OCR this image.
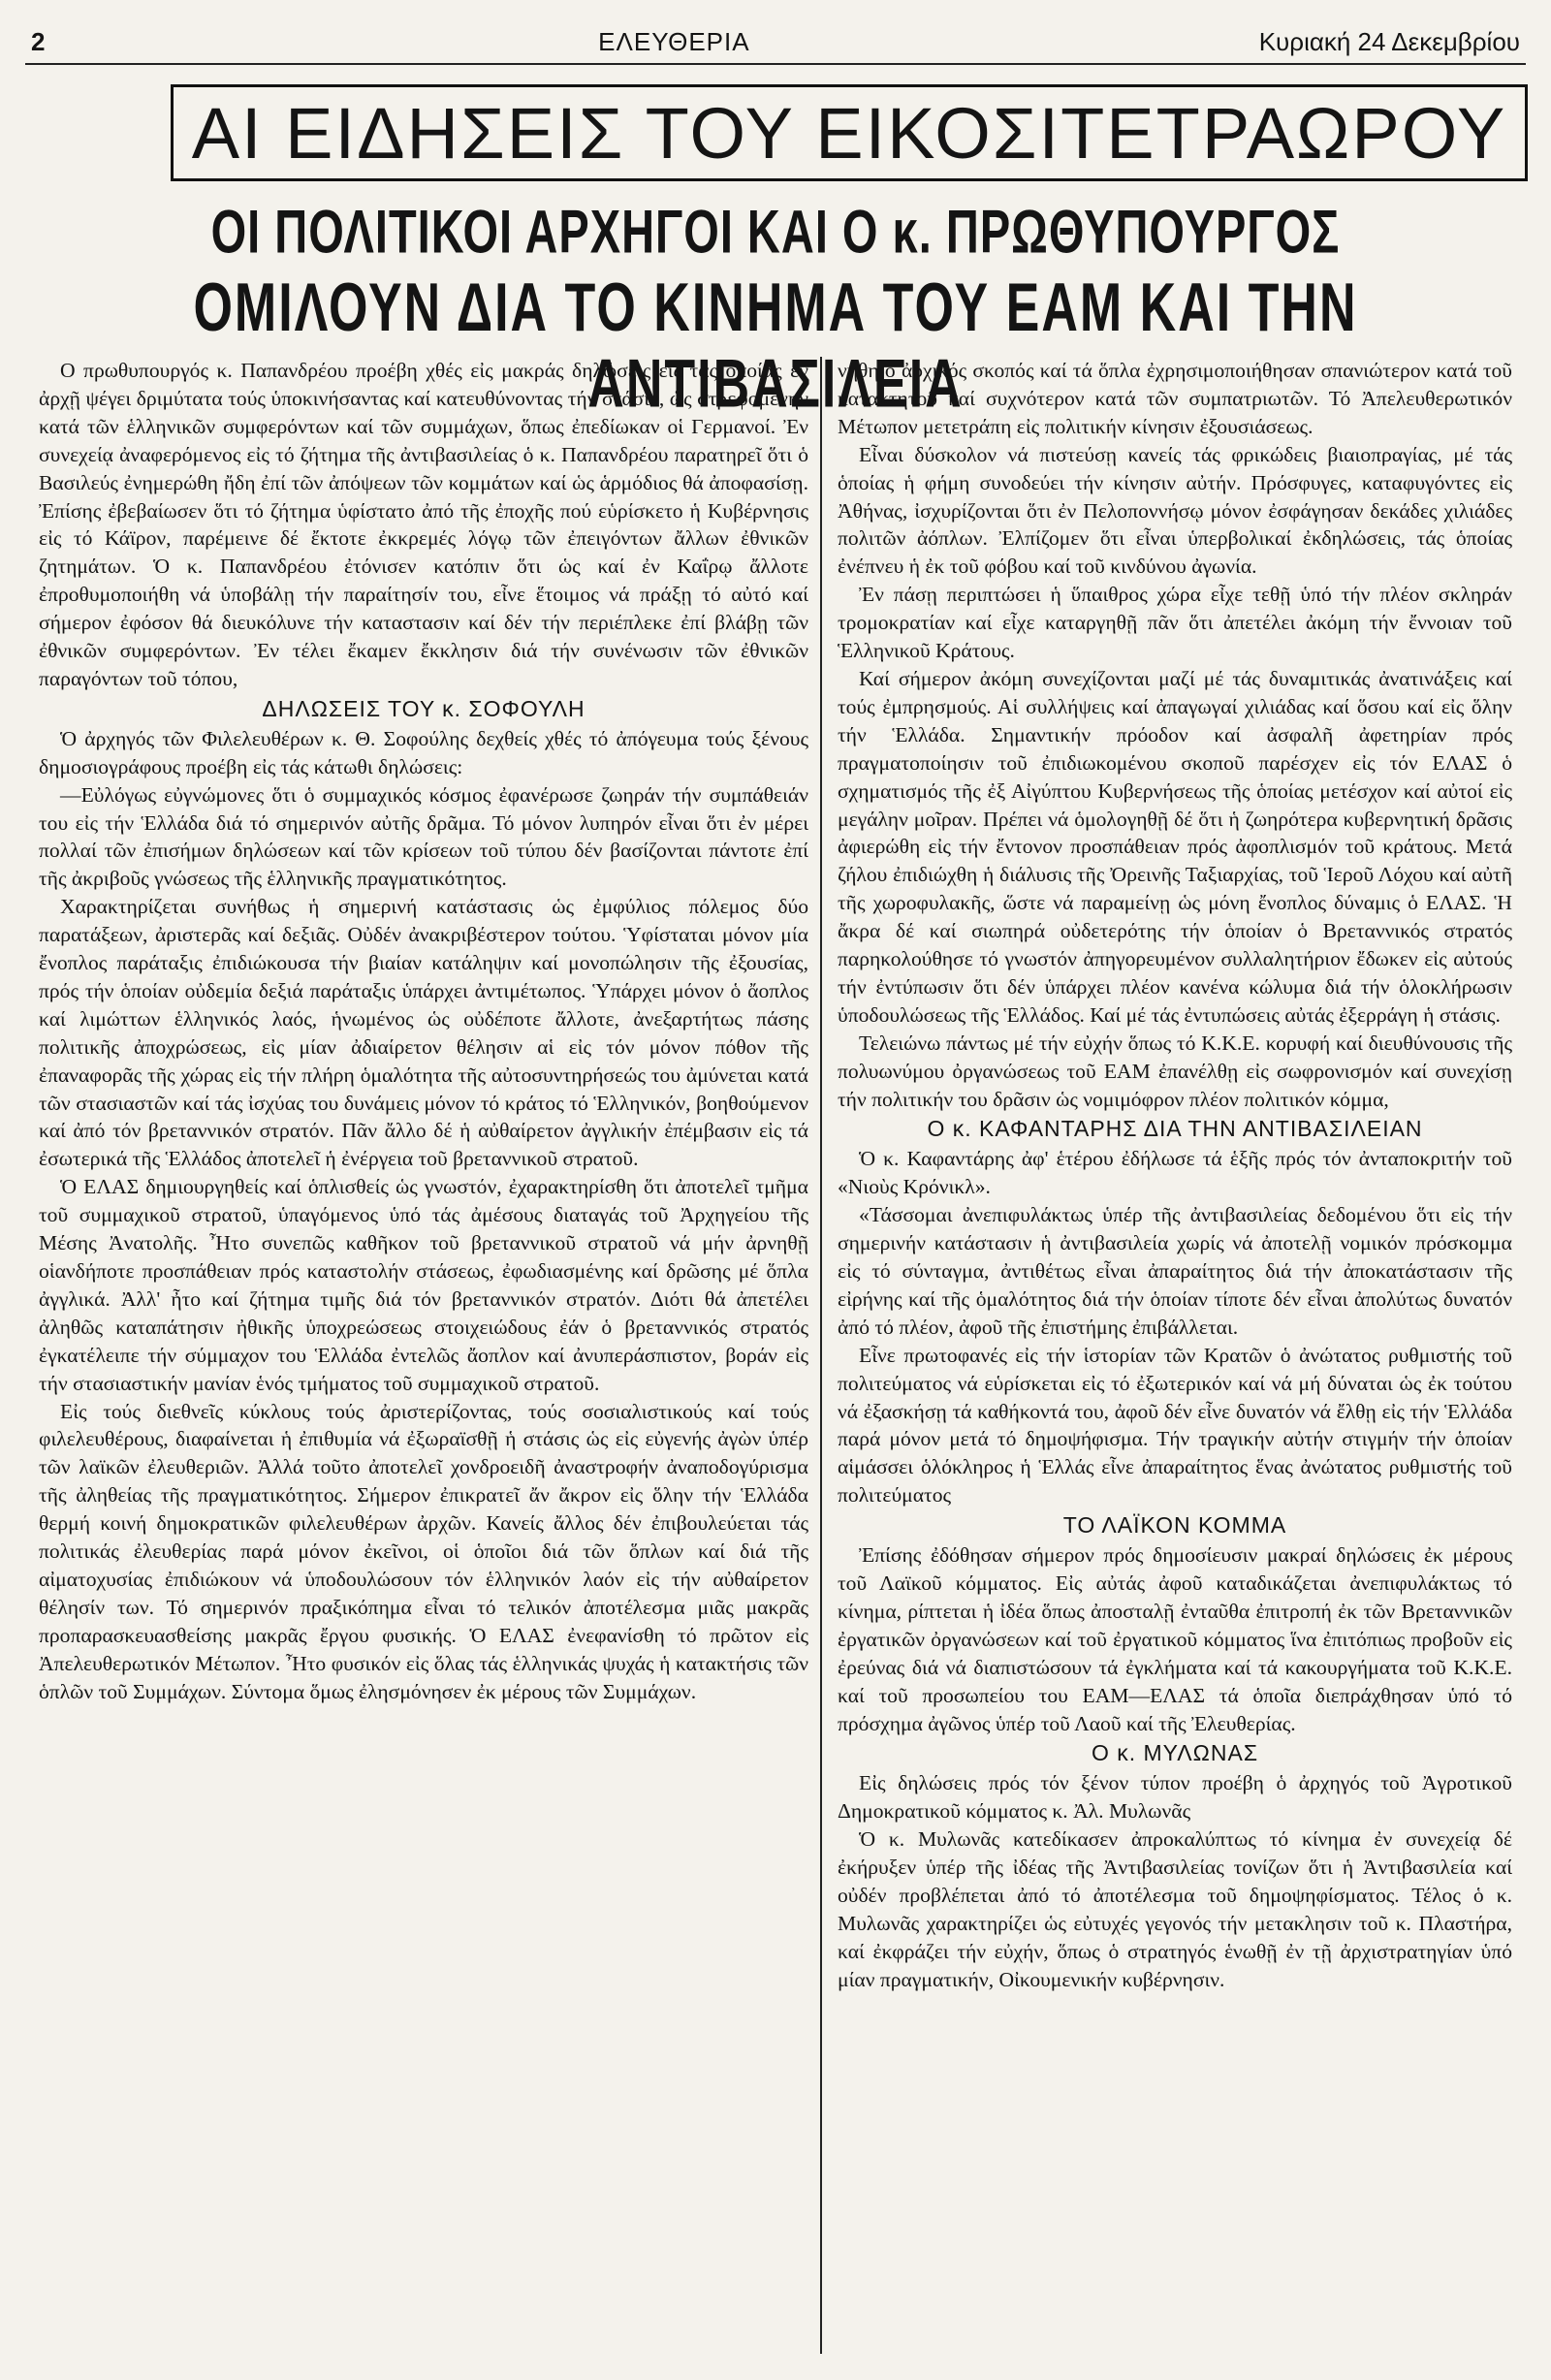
2	ΕΛΕΥΘΕΡΙΑ	Κυριακή 24 Δεκεμβρίου
ΑΙ ΕΙΔΗΣΕΙΣ ΤΟΥ ΕΙΚΟΣΙΤΕΤΡΑΩΡΟΥ
ΟΙ ΠΟΛΙΤΙΚΟΙ ΑΡΧΗΓΟΙ ΚΑΙ Ο κ. ΠΡΩΘΥΠΟΥΡΓΟΣ
ΟΜΙΛΟΥΝ ΔΙΑ ΤΟ ΚΙΝΗΜΑ ΤΟΥ ΕΑΜ ΚΑΙ ΤΗΝ ΑΝΤΙΒΑΣΙΛΕΙΑ

Ο πρωθυπουργός κ. Παπανδρέου προέβη χθές εἰς μακράς δηλώσεις εἰς τάς ὁποίας ἐν ἀρχῇ ψέγει δριμύτατα τούς ὑποκινήσαντας καί κατευθύνοντας τήν στάσιν, ὡς στρεφομένην κατά τῶν ἑλληνικῶν συμφερόντων καί τῶν συμμάχων, ὅπως ἐπεδίωκαν οἱ Γερμανοί. Ἐν συνεχείᾳ ἀναφερόμενος εἰς τό ζήτημα τῆς ἀντιβασιλείας ὁ κ. Παπανδρέου παρατηρεῖ ὅτι ὁ Βασιλεύς ἐνημερώθη ἤδη ἐπί τῶν ἀπόψεων τῶν κομμάτων καί ὡς ἁρμόδιος θά ἀποφασίσῃ. Ἐπίσης ἐβεβαίωσεν ὅτι τό ζήτημα ὑφίστατο ἀπό τῆς ἐποχῆς πού εὑρίσκετο ἡ Κυβέρνησις εἰς τό Κάϊρον, παρέμεινε δέ ἔκτοτε ἐκκρεμές λόγῳ τῶν ἐπειγόντων ἄλλων ἐθνικῶν ζητημάτων. Ὁ κ. Παπανδρέου ἐτόνισεν κατόπιν ὅτι ὡς καί ἐν Καΐρῳ ἄλλοτε ἐπροθυμοποιήθη νά ὑποβάλῃ τήν παραίτησίν του, εἶνε ἕτοιμος νά πράξῃ τό αὐτό καί σήμερον ἐφόσον θά διευκόλυνε τήν καταστασιν καί δέν τήν περιέπλεκε ἐπί βλάβῃ τῶν ἐθνικῶν συμφερόντων. Ἐν τέλει ἔκαμεν ἔκκλησιν διά τήν συνένωσιν τῶν ἐθνικῶν παραγόντων τοῦ τόπου,

ΔΗΛΩΣΕΙΣ ΤΟΥ κ. ΣΟΦΟΥΛΗ

Ὁ ἀρχηγός τῶν Φιλελευθέρων κ. Θ. Σοφούλης δεχθείς χθές τό ἀπόγευμα τούς ξένους δημοσιογράφους προέβη εἰς τάς κάτωθι δηλώσεις:

—Εὐλόγως εὐγνώμονες ὅτι ὁ συμμαχικός κόσμος ἐφανέρωσε ζωηράν τήν συμπάθειάν του εἰς τήν Ἑλλάδα διά τό σημερινόν αὐτῆς δρᾶμα. Τό μόνον λυπηρόν εἶναι ὅτι ἐν μέρει πολλαί τῶν ἐπισήμων δηλώσεων καί τῶν κρίσεων τοῦ τύπου δέν βασίζονται πάντοτε ἐπί τῆς ἀκριβοῦς γνώσεως τῆς ἑλληνικῆς πραγματικότητος.

Χαρακτηρίζεται συνήθως ἡ σημερινή κατάστασις ὡς ἐμφύλιος πόλεμος δύο παρατάξεων, ἀριστερᾶς καί δεξιᾶς. Οὐδέν ἀνακριβέστερον τούτου. Ὑφίσταται μόνον μία ἔνοπλος παράταξις ἐπιδιώκουσα τήν βιαίαν κατάληψιν καί μονοπώλησιν τῆς ἐξουσίας, πρός τήν ὁποίαν οὐδεμία δεξιά παράταξις ὑπάρχει ἀντιμέτωπος. Ὑπάρχει μόνον ὁ ἄοπλος καί λιμώττων ἑλληνικός λαός, ἡνωμένος ὡς οὐδέποτε ἄλλοτε, ἀνεξαρτήτως πάσης πολιτικῆς ἀποχρώσεως, εἰς μίαν ἀδιαίρετον θέλησιν αἱ εἰς τόν μόνον πόθον τῆς ἐπαναφορᾶς τῆς χώρας εἰς τήν πλήρη ὁμαλότητα τῆς αὐτοσυντηρήσεώς του ἀμύνεται κατά τῶν στασιαστῶν καί τάς ἰσχύας του δυνάμεις μόνον τό κράτος τό Ἑλληνικόν, βοηθούμενον καί ἀπό τόν βρεταννικόν στρατόν. Πᾶν ἄλλο δέ ἡ αὐθαίρετον ἀγγλικήν ἐπέμβασιν εἰς τά ἐσωτερικά τῆς Ἑλλάδος ἀποτελεῖ ἡ ἐνέργεια τοῦ βρεταννικοῦ στρατοῦ.

Ὁ ΕΛΑΣ δημιουργηθείς καί ὁπλισθείς ὡς γνωστόν, ἐχαρακτηρίσθη ὅτι ἀποτελεῖ τμῆμα τοῦ συμμαχικοῦ στρατοῦ, ὑπαγόμενος ὑπό τάς ἀμέσους διαταγάς τοῦ Ἀρχηγείου τῆς Μέσης Ἀνατολῆς. Ἦτο συνεπῶς καθῆκον τοῦ βρεταννικοῦ στρατοῦ νά μήν ἀρνηθῇ οἱανδήποτε προσπάθειαν πρός καταστολήν στάσεως, ἐφωδιασμένης καί δρῶσης μέ ὅπλα ἀγγλικά. Ἀλλ' ἦτο καί ζήτημα τιμῆς διά τόν βρεταννικόν στρατόν. Διότι θά ἀπετέλει ἀληθῶς καταπάτησιν ἠθικῆς ὑποχρεώσεως στοιχειώδους ἐάν ὁ βρεταννικός στρατός ἐγκατέλειπε τήν σύμμαχον του Ἑλλάδα ἐντελῶς ἄοπλον καί ἀνυπεράσπιστον, βοράν εἰς τήν στασιαστικήν μανίαν ἑνός τμήματος τοῦ συμμαχικοῦ στρατοῦ.

Εἰς τούς διεθνεῖς κύκλους τούς ἀριστερίζοντας, τούς σοσιαλιστικούς καί τούς φιλελευθέρους, διαφαίνεται ἡ ἐπιθυμία νά ἐξωραϊσθῇ ἡ στάσις ὡς εἰς εὐγενής ἀγὼν ὑπέρ τῶν λαϊκῶν ἐλευθεριῶν. Ἀλλά τοῦτο ἀποτελεῖ χονδροειδῆ ἀναστροφήν ἀναποδογύρισμα τῆς ἀληθείας τῆς πραγματικότητος. Σήμερον ἐπικρατεῖ ἄν ἄκρον εἰς ὅλην τήν Ἑλλάδα θερμή κοινή δημοκρατικῶν φιλελευθέρων ἀρχῶν. Κανείς ἄλλος δέν ἐπιβουλεύεται τάς πολιτικάς ἐλευθερίας παρά μόνον ἐκεῖνοι, οἱ ὁποῖοι διά τῶν ὅπλων καί διά τῆς αἰματοχυσίας ἐπιδιώκουν νά ὑποδουλώσουν τόν ἑλληνικόν λαόν εἰς τήν αὐθαίρετον θέλησίν των. Τό σημερινόν πραξικόπημα εἶναι τό τελικόν ἀποτέλεσμα μιᾶς μακρᾶς προπαρασκευασθείσης μακρᾶς ἔργου φυσικής. Ὁ ΕΛΑΣ ἐνεφανίσθη τό πρῶτον εἰς Ἀπελευθερωτικόν Μέτωπον. Ἦτο φυσικόν εἰς ὅλας τάς ἑλληνικάς ψυχάς ἡ κατακτήσις τῶν ὁπλῶν τοῦ Συμμάχων. Σύντομα ὅμως ἐλησμόνησεν ἐκ μέρους τῶν Συμμάχων.

νήθη ὁ ἀρχικός σκοπός καί τά ὅπλα ἐχρησιμοποιήθησαν σπανιώτερον κατά τοῦ κατακτητοῦ καί συχνότερον κατά τῶν συμπατριωτῶν. Τό Ἀπελευθερωτικόν Μέτωπον μετετράπη εἰς πολιτικήν κίνησιν ἐξουσιάσεως.

Εἶναι δύσκολον νά πιστεύσῃ κανείς τάς φρικώδεις βιαιοπραγίας, μέ τάς ὁποίας ἡ φήμη συνοδεύει τήν κίνησιν αὐτήν. Πρόσφυγες, καταφυγόντες εἰς Ἀθήνας, ἰσχυρίζονται ὅτι ἐν Πελοποννήσῳ μόνον ἐσφάγησαν δεκάδες χιλιάδες πολιτῶν ἀόπλων. Ἐλπίζομεν ὅτι εἶναι ὑπερβολικαί ἐκδηλώσεις, τάς ὁποίας ἐνέπνευ ἡ ἐκ τοῦ φόβου καί τοῦ κινδύνου ἀγωνία.

Ἐν πάσῃ περιπτώσει ἡ ὕπαιθρος χώρα εἶχε τεθῇ ὑπό τήν πλέον σκληράν τρομοκρατίαν καί εἶχε καταργηθῇ πᾶν ὅτι ἀπετέλει ἀκόμη τήν ἔννοιαν τοῦ Ἑλληνικοῦ Κράτους.

Καί σήμερον ἀκόμη συνεχίζονται μαζί μέ τάς δυναμιτικάς ἀνατινάξεις καί τούς ἐμπρησμούς. Αἱ συλλήψεις καί ἀπαγωγαί χιλιάδας καί ὅσου καί εἰς ὅλην τήν Ἑλλάδα. Σημαντικήν πρόοδον καί ἀσφαλῆ ἀφετηρίαν πρός πραγματοποίησιν τοῦ ἐπιδιωκομένου σκοποῦ παρέσχεν εἰς τόν ΕΛΑΣ ὁ σχηματισμός τῆς ἐξ Αἰγύπτου Κυβερνήσεως τῆς ὁποίας μετέσχον καί αὐτοί εἰς μεγάλην μοῖραν. Πρέπει νά ὁμολογηθῇ δέ ὅτι ἡ ζωηρότερα κυβερνητική δρᾶσις ἀφιερώθη εἰς τήν ἔντονον προσπάθειαν πρός ἀφοπλισμόν τοῦ κράτους. Μετά ζήλου ἐπιδιώχθη ἡ διάλυσις τῆς Ὀρεινῆς Ταξιαρχίας, τοῦ Ἱεροῦ Λόχου καί αὐτῆ τῆς χωροφυλακῆς, ὥστε νά παραμείνῃ ὡς μόνη ἔνοπλος δύναμις ὁ ΕΛΑΣ. Ἡ ἄκρα δέ καί σιωπηρά οὐδετερότης τήν ὁποίαν ὁ Βρεταννικός στρατός παρηκολούθησε τό γνωστόν ἀπηγορευμένον συλλαλητήριον ἔδωκεν εἰς αὐτούς τήν ἐντύπωσιν ὅτι δέν ὑπάρχει πλέον κανένα κώλυμα διά τήν ὁλοκλήρωσιν ὑποδουλώσεως τῆς Ἑλλάδος. Καί μέ τάς ἐντυπώσεις αὐτάς ἐξερράγη ἡ στάσις.

Τελειώνω πάντως μέ τήν εὐχήν ὅπως τό Κ.Κ.Ε. κορυφή καί διευθύνουσις τῆς πολυωνύμου ὀργανώσεως τοῦ ΕΑΜ ἐπανέλθῃ εἰς σωφρονισμόν καί συνεχίσῃ τήν πολιτικήν του δρᾶσιν ὡς νομιμόφρον πλέον πολιτικόν κόμμα,

Ο κ. ΚΑΦΑΝΤΑΡΗΣ ΔΙΑ ΤΗΝ ΑΝΤΙΒΑΣΙΛΕΙΑΝ

Ὁ κ. Καφαντάρης ἀφ' ἑτέρου ἐδήλωσε τά ἑξῆς πρός τόν ἀνταποκριτήν τοῦ «Νιοὺς Κρόνικλ».

«Τάσσομαι ἀνεπιφυλάκτως ὑπέρ τῆς ἀντιβασιλείας δεδομένου ὅτι εἰς τήν σημερινήν κατάστασιν ἡ ἀντιβασιλεία χωρίς νά ἀποτελῇ νομικόν πρόσκομμα εἰς τό σύνταγμα, ἀντιθέτως εἶναι ἀπαραίτητος διά τήν ἀποκατάστασιν τῆς εἰρήνης καί τῆς ὁμαλότητος διά τήν ὁποίαν τίποτε δέν εἶναι ἀπολύτως δυνατόν ἀπό τό πλέον, ἀφοῦ τῆς ἐπιστήμης ἐπιβάλλεται.

Εἶνε πρωτοφανές εἰς τήν ἱστορίαν τῶν Κρατῶν ὁ ἀνώτατος ρυθμιστής τοῦ πολιτεύματος νά εὑρίσκεται εἰς τό ἐξωτερικόν καί νά μή δύναται ὡς ἐκ τούτου νά ἐξασκήσῃ τά καθήκοντά του, ἀφοῦ δέν εἶνε δυνατόν νά ἔλθῃ εἰς τήν Ἑλλάδα παρά μόνον μετά τό δημοψήφισμα. Τήν τραγικήν αὐτήν στιγμήν τήν ὁποίαν αἱμάσσει ὁλόκληρος ἡ Ἑλλάς εἶνε ἀπαραίτητος ἕνας ἀνώτατος ρυθμιστής τοῦ πολιτεύματος

ΤΟ ΛΑΪΚΟΝ ΚΟΜΜΑ

Ἐπίσης ἐδόθησαν σήμερον πρός δημοσίευσιν μακραί δηλώσεις ἐκ μέρους τοῦ Λαϊκοῦ κόμματος. Εἰς αὐτάς ἀφοῦ καταδικάζεται ἀνεπιφυλάκτως τό κίνημα, ρίπτεται ἡ ἰδέα ὅπως ἀποσταλῇ ἐνταῦθα ἐπιτροπή ἐκ τῶν Βρεταννικῶν ἐργατικῶν ὀργανώσεων καί τοῦ ἐργατικοῦ κόμματος ἵνα ἐπιτόπιως προβοῦν εἰς ἐρεύνας διά νά διαπιστώσουν τά ἐγκλήματα καί τά κακουργήματα τοῦ Κ.Κ.Ε. καί τοῦ προσωπείου του ΕΑΜ—ΕΛΑΣ τά ὁποῖα διεπράχθησαν ὑπό τό πρόσχημα ἀγῶνος ὑπέρ τοῦ Λαοῦ καί τῆς Ἐλευθερίας.

Ο κ. ΜΥΛΩΝΑΣ

Εἰς δηλώσεις πρός τόν ξένον τύπον προέβη ὁ ἀρχηγός τοῦ Ἀγροτικοῦ Δημοκρατικοῦ κόμματος κ. Ἀλ. Μυλωνᾶς

Ὁ κ. Μυλωνᾶς κατεδίκασεν ἀπροκαλύπτως τό κίνημα ἐν συνεχείᾳ δέ ἐκήρυξεν ὑπέρ τῆς ἰδέας τῆς Ἀντιβασιλείας τονίζων ὅτι ἡ Ἀντιβασιλεία καί οὐδέν προβλέπεται ἀπό τό ἀποτέλεσμα τοῦ δημοψηφίσματος. Τέλος ὁ κ. Μυλωνᾶς χαρακτηρίζει ὡς εὐτυχές γεγονός τήν μετακλησιν τοῦ κ. Πλαστήρα, καί ἐκφράζει τήν εὐχήν, ὅπως ὁ στρατηγός ἑνωθῇ ἐν τῇ ἀρχιστρατηγίαν ὑπό μίαν πραγματικήν, Οἰκουμενικήν κυβέρνησιν.
